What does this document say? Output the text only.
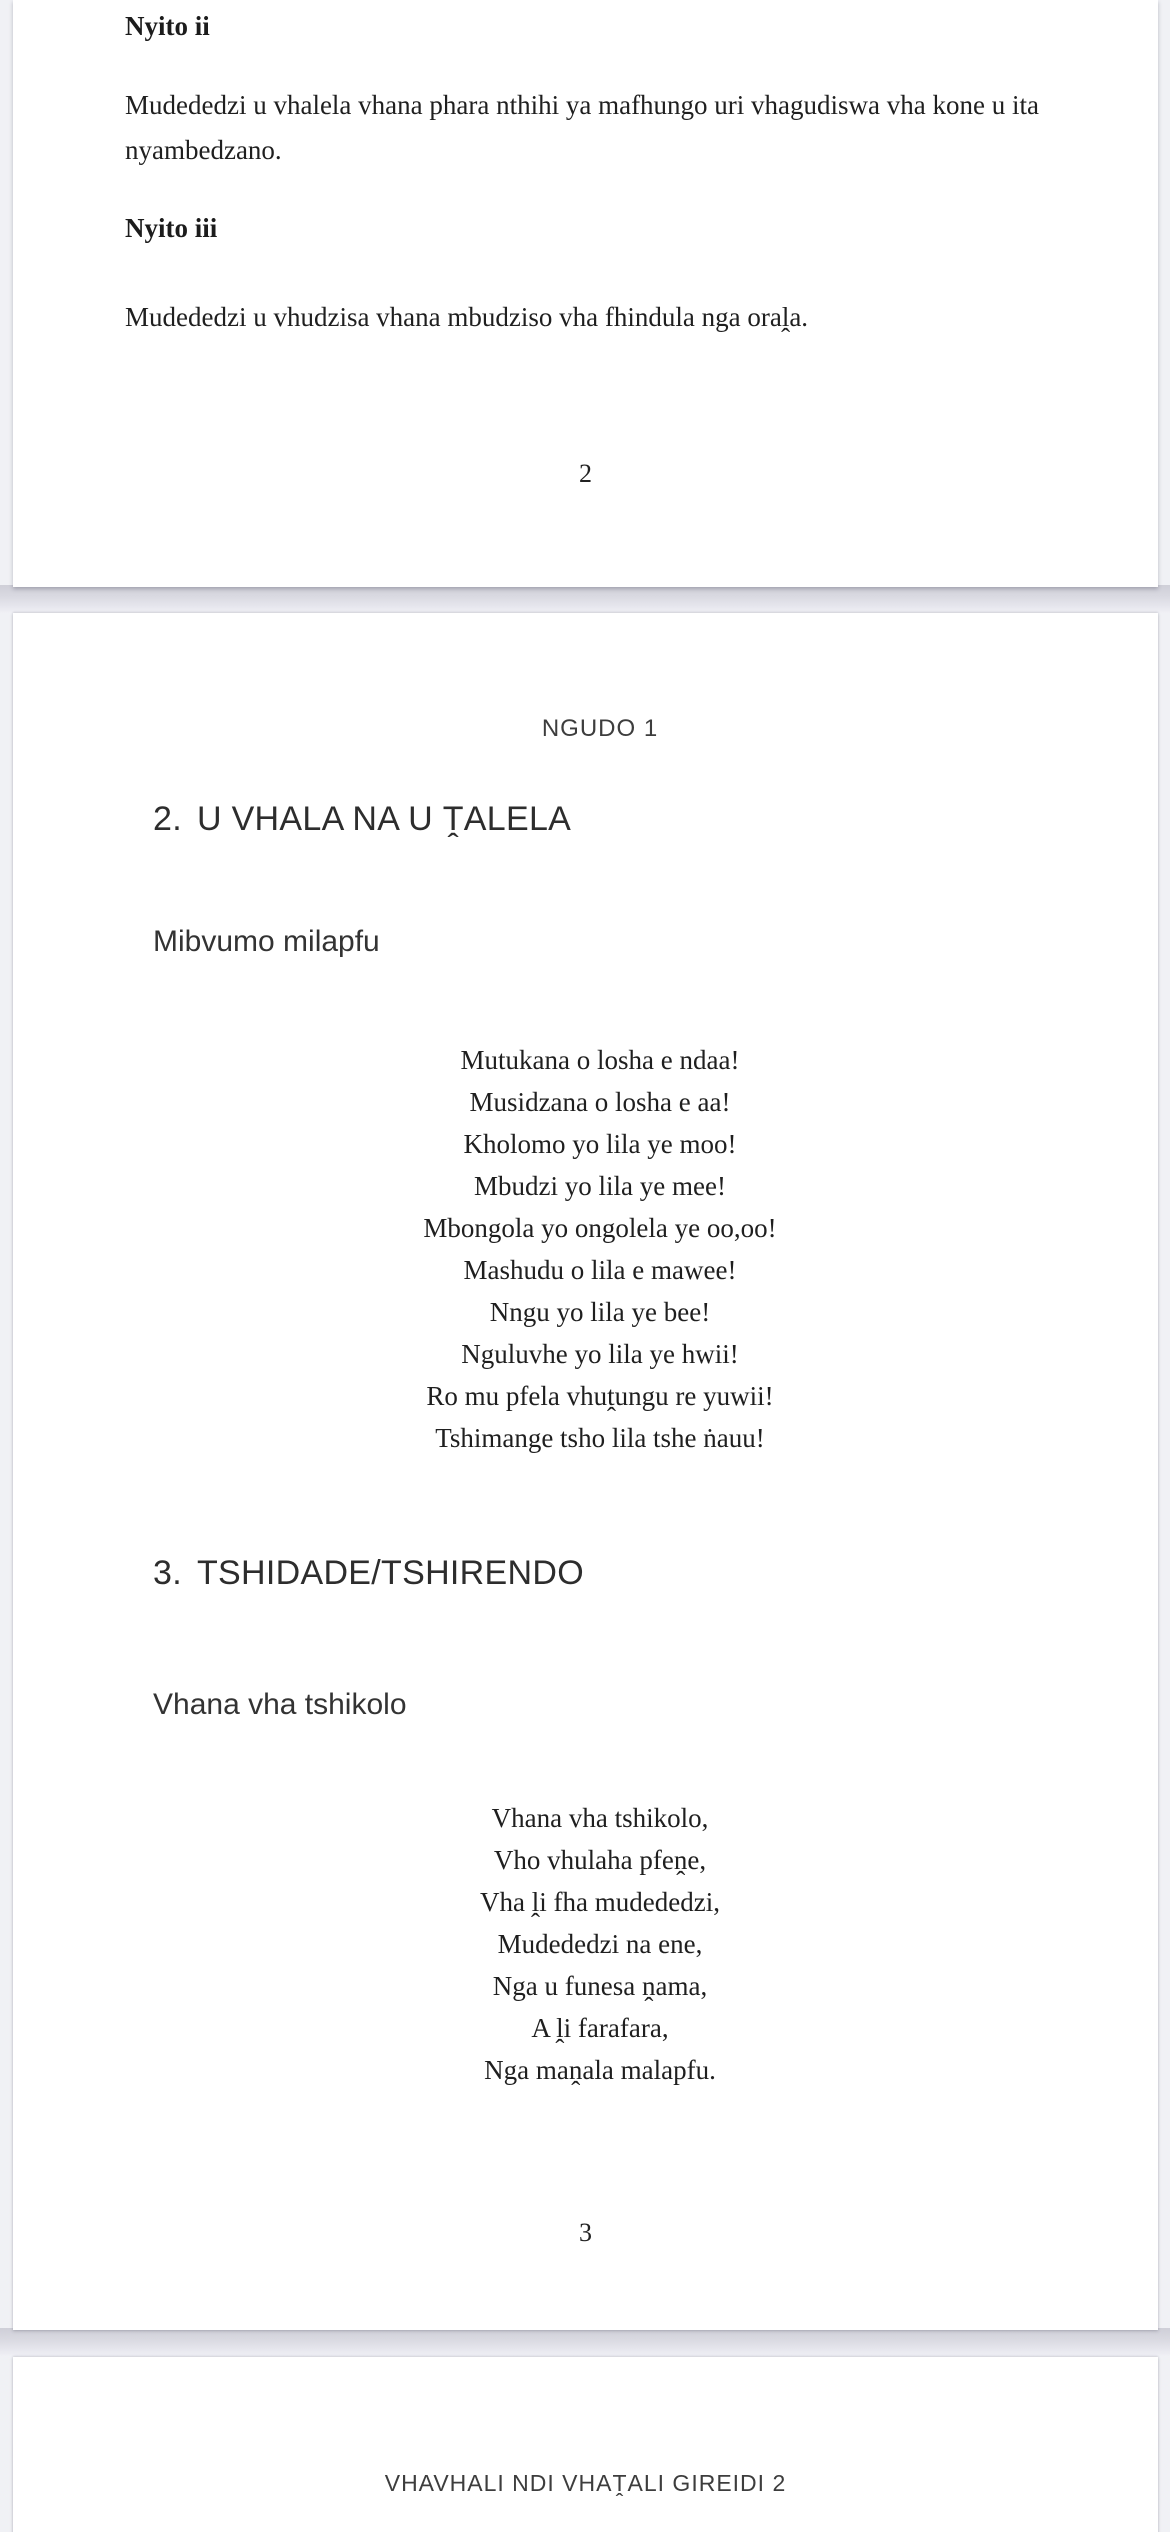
Nyito ii
Mudededzi u vhalela vhana phara nthihi ya mafhungo uri vhagudiswa vha kone u ita nyambedzano.
Nyito iii
Mudededzi u vhudzisa vhana mbudziso vha fhindula nga oraḽa.
2
NGUDO 1
2. U VHALA NA U ṰALELA
Mibvumo milapfu
Mutukana o losha e ndaa!
Musidzana o losha e aa!
Kholomo yo lila ye moo!
Mbudzi yo lila ye mee!
Mbongola yo ongolela ye oo,oo!
Mashudu o lila e mawee!
Nngu yo lila ye bee!
Nguluvhe yo lila ye hwii!
Ro mu pfela vhuṱungu re yuwii!
Tshimange tsho lila tshe ṅauu!
3. TSHIDADE/TSHIRENDO
Vhana vha tshikolo
Vhana vha tshikolo,
Vho vhulaha pfeṋe,
Vha ḽi fha mudededzi,
Mudededzi na ene,
Nga u funesa ṋama,
A ḽi farafara,
Nga maṋala malapfu.
3
VHAVHALI NDI VHAṰALI GIREIDI 2
